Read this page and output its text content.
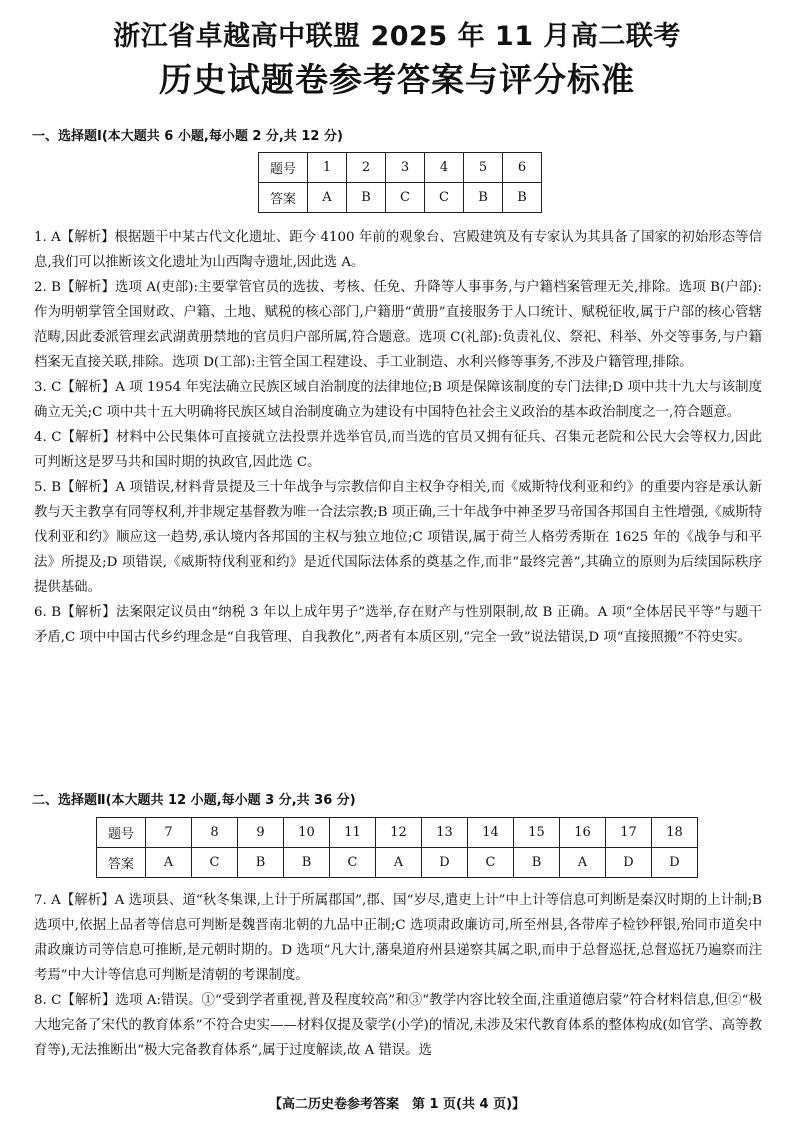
浙江省卓越高中联盟 2025 年 11 月高二联考
历史试题卷参考答案与评分标准
一、选择题Ⅰ(本大题共 6 小题,每小题 2 分,共 12 分)
题号	1	2	3	4	5	6
答案	A	B	C	C	B	B

1. A【解析】根据题干中某古代文化遗址、距今 4100 年前的观象台、宫殿建筑及有专家认为其具备了国家的初始形态等信息,我们可以推断该文化遗址为山西陶寺遗址,因此选 A。

2. B【解析】选项 A(吏部):主要掌管官员的选拔、考核、任免、升降等人事事务,与户籍档案管理无关,排除。选项 B(户部):作为明朝掌管全国财政、户籍、土地、赋税的核心部门,户籍册“黄册”直接服务于人口统计、赋税征收,属于户部的核心管辖范畴,因此委派管理玄武湖黄册禁地的官员归户部所属,符合题意。选项 C(礼部):负责礼仪、祭祀、科举、外交等事务,与户籍档案无直接关联,排除。选项 D(工部):主管全国工程建设、手工业制造、水利兴修等事务,不涉及户籍管理,排除。

3. C【解析】A 项 1954 年宪法确立民族区域自治制度的法律地位;B 项是保障该制度的专门法律;D 项中共十九大与该制度确立无关;C 项中共十五大明确将民族区域自治制度确立为建设有中国特色社会主义政治的基本政治制度之一,符合题意。

4. C【解析】材料中公民集体可直接就立法投票并选举官员,而当选的官员又拥有征兵、召集元老院和公民大会等权力,因此可判断这是罗马共和国时期的执政官,因此选 C。

5. B【解析】A 项错误,材料背景提及三十年战争与宗教信仰自主权争夺相关,而《威斯特伐利亚和约》的重要内容是承认新教与天主教享有同等权利,并非规定基督教为唯一合法宗教;B 项正确,三十年战争中神圣罗马帝国各邦国自主性增强,《威斯特伐利亚和约》顺应这一趋势,承认境内各邦国的主权与独立地位;C 项错误,属于荷兰人格劳秀斯在 1625 年的《战争与和平法》所提及;D 项错误,《威斯特伐利亚和约》是近代国际法体系的奠基之作,而非“最终完善”,其确立的原则为后续国际秩序提供基础。

6. B【解析】法案限定议员由“纳税 3 年以上成年男子”选举,存在财产与性别限制,故 B 正确。A 项“全体居民平等”与题干矛盾,C 项中中国古代乡约理念是“自我管理、自我教化”,两者有本质区别,“完全一致”说法错误,D 项“直接照搬”不符史实。

二、选择题Ⅱ(本大题共 12 小题,每小题 3 分,共 36 分)
题号	7	8	9	10	11	12	13	14	15	16	17	18
答案	A	C	B	B	C	A	D	C	B	A	D	D

7. A【解析】A 选项县、道“秋冬集课,上计于所属郡国”,郡、国“岁尽,遣吏上计”中上计等信息可判断是秦汉时期的上计制;B 选项中,依据上品者等信息可判断是魏晋南北朝的九品中正制;C 选项肃政廉访司,所至州县,各带库子检钞秤银,殆同市道矣中肃政廉访司等信息可推断,是元朝时期的。D 选项“凡大计,藩臬道府州县递察其属之职,而申于总督巡抚,总督巡抚乃遍察而注考焉”中大计等信息可判断是清朝的考课制度。

8. C【解析】选项 A:错误。①“受到学者重视,普及程度较高”和③“教学内容比较全面,注重道德启蒙”符合材料信息,但②“极大地完备了宋代的教育体系”不符合史实——材料仅提及蒙学(小学)的情况,未涉及宋代教育体系的整体构成(如官学、高等教育等),无法推断出“极大完备教育体系”,属于过度解读,故 A 错误。选

【高二历史卷参考答案　第 1 页(共 4 页)】
